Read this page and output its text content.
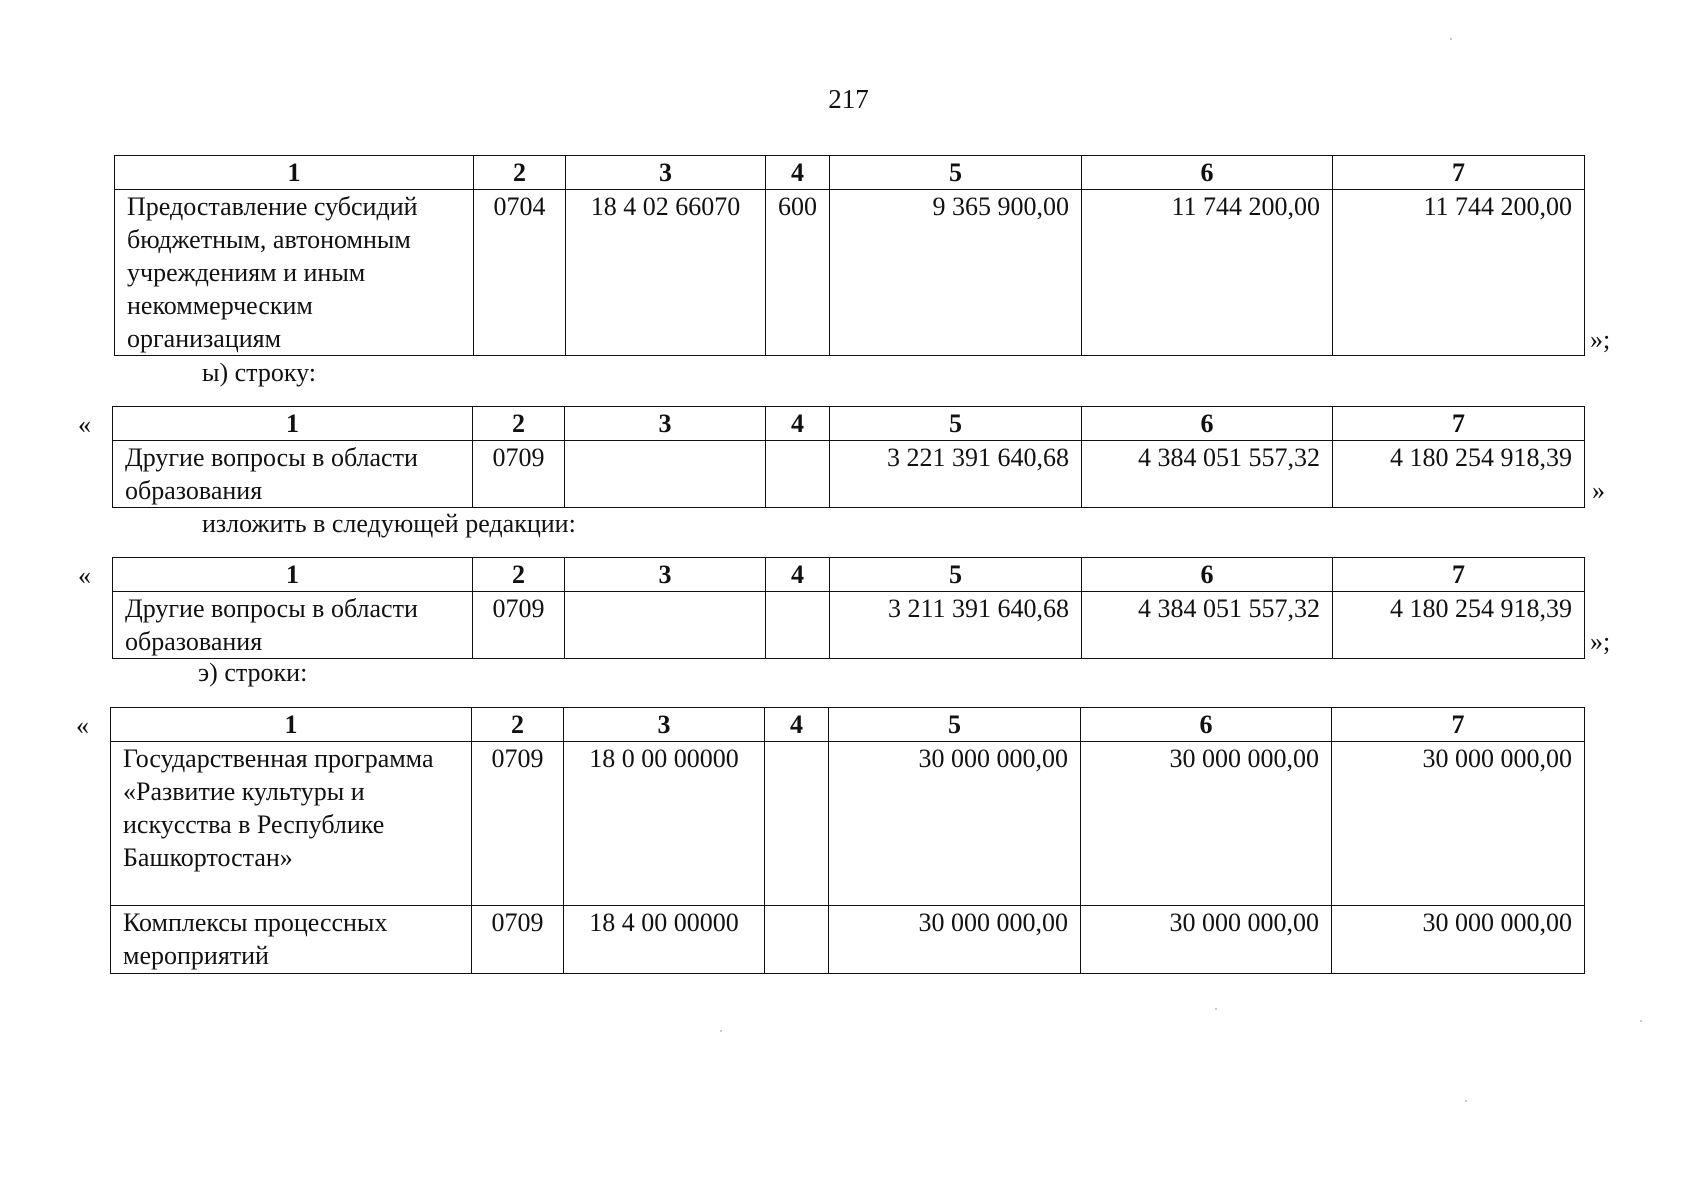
217
1	2	3	4	5	6	7
Предоставление субсидий бюджетным, автономным учреждениям и иным некоммерческим организациям	0704	18 4 02 66070	600	9 365 900,00	11 744 200,00	11 744 200,00
»;
ы) строку:
«	1	2	3	4	5	6	7
Другие вопросы в области образования	0709			3 221 391 640,68	4 384 051 557,32	4 180 254 918,39
»
изложить в следующей редакции:
«	1	2	3	4	5	6	7
Другие вопросы в области образования	0709			3 211 391 640,68	4 384 051 557,32	4 180 254 918,39
»;
э) строки:
«	1	2	3	4	5	6	7
Государственная программа «Развитие культуры и искусства в Республике Башкортостан»	0709	18 0 00 00000		30 000 000,00	30 000 000,00	30 000 000,00
Комплексы процессных мероприятий	0709	18 4 00 00000		30 000 000,00	30 000 000,00	30 000 000,00
